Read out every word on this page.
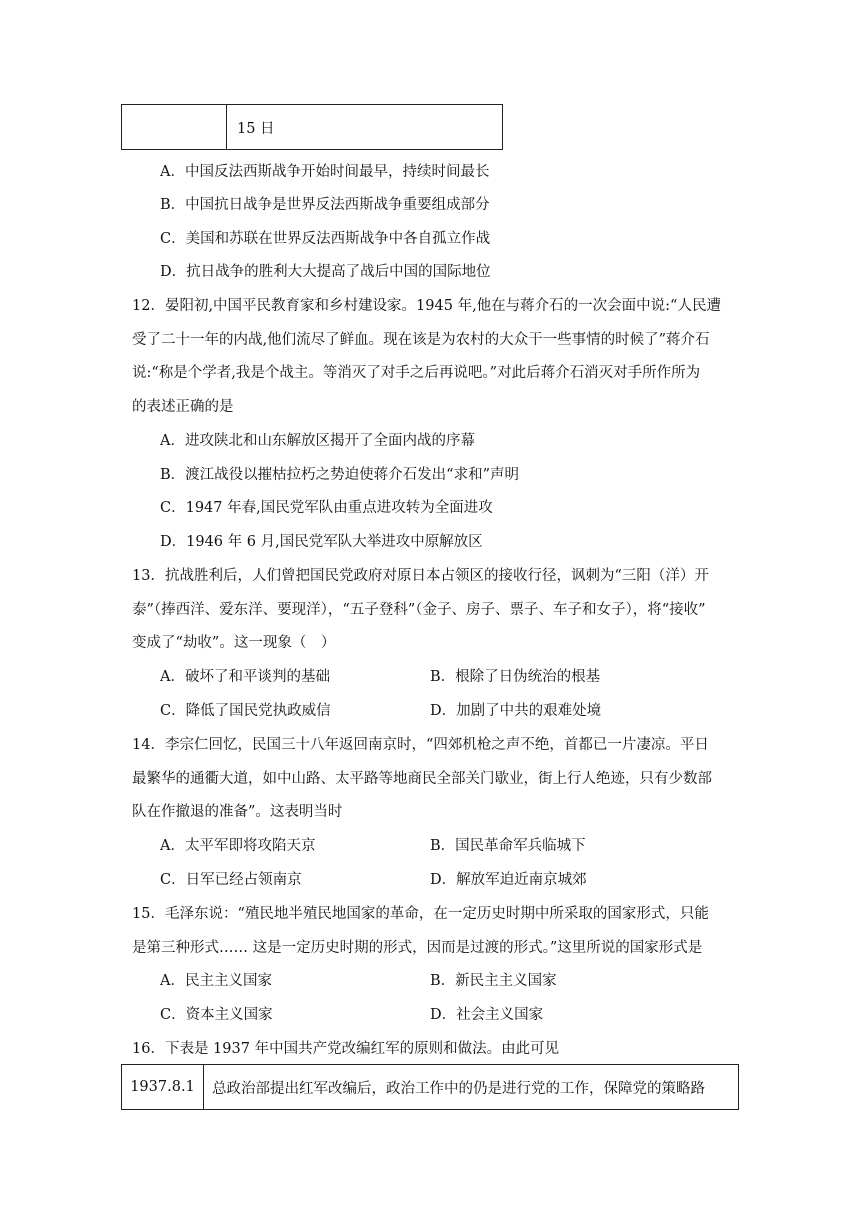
15 日
A．中国反法西斯战争开始时间最早，持续时间最长
B．中国抗日战争是世界反法西斯战争重要组成部分
C．美国和苏联在世界反法西斯战争中各自孤立作战
D．抗日战争的胜利大大提高了战后中国的国际地位
12．晏阳初,中国平民教育家和乡村建设家。1945 年,他在与蒋介石的一次会面中说:“人民遭
受了二十一年的内战,他们流尽了鲜血。现在该是为农村的大众干一些事情的时候了”蒋介石
说:“称是个学者,我是个战主。等消灭了对手之后再说吧。”对此后蒋介石消灭对手所作所为
的表述正确的是
A．进攻陕北和山东解放区揭开了全面内战的序幕
B．渡江战役以摧枯拉朽之势迫使蒋介石发出“求和”声明
C．1947 年春,国民党军队由重点进攻转为全面进攻
D．1946 年 6 月,国民党军队大举进攻中原解放区
13．抗战胜利后，人们曾把国民党政府对原日本占领区的接收行径，讽刺为“三阳（洋）开
泰”（捧西洋、爱东洋、要现洋），“五子登科”（金子、房子、票子、车子和女子），将“接收”
变成了“劫收”。这一现象（　）
A．破坏了和平谈判的基础	B．根除了日伪统治的根基
C．降低了国民党执政威信	D．加剧了中共的艰难处境
14．李宗仁回忆，民国三十八年返回南京时，“四郊机枪之声不绝，首都已一片凄凉。平日
最繁华的通衢大道，如中山路、太平路等地商民全部关门歇业，街上行人绝迹，只有少数部
队在作撤退的准备”。这表明当时
A．太平军即将攻陷天京	B．国民革命军兵临城下
C．日军已经占领南京	D．解放军迫近南京城郊
15．毛泽东说：“殖民地半殖民地国家的革命，在一定历史时期中所采取的国家形式，只能
是第三种形式…… 这是一定历史时期的形式，因而是过渡的形式。”这里所说的国家形式是
A．民主主义国家	B．新民主主义国家
C．资本主义国家	D．社会主义国家
16．下表是 1937 年中国共产党改编红军的原则和做法。由此可见
1937.8.1	总政治部提出红军改编后，政治工作中的仍是进行党的工作，保障党的策略路
